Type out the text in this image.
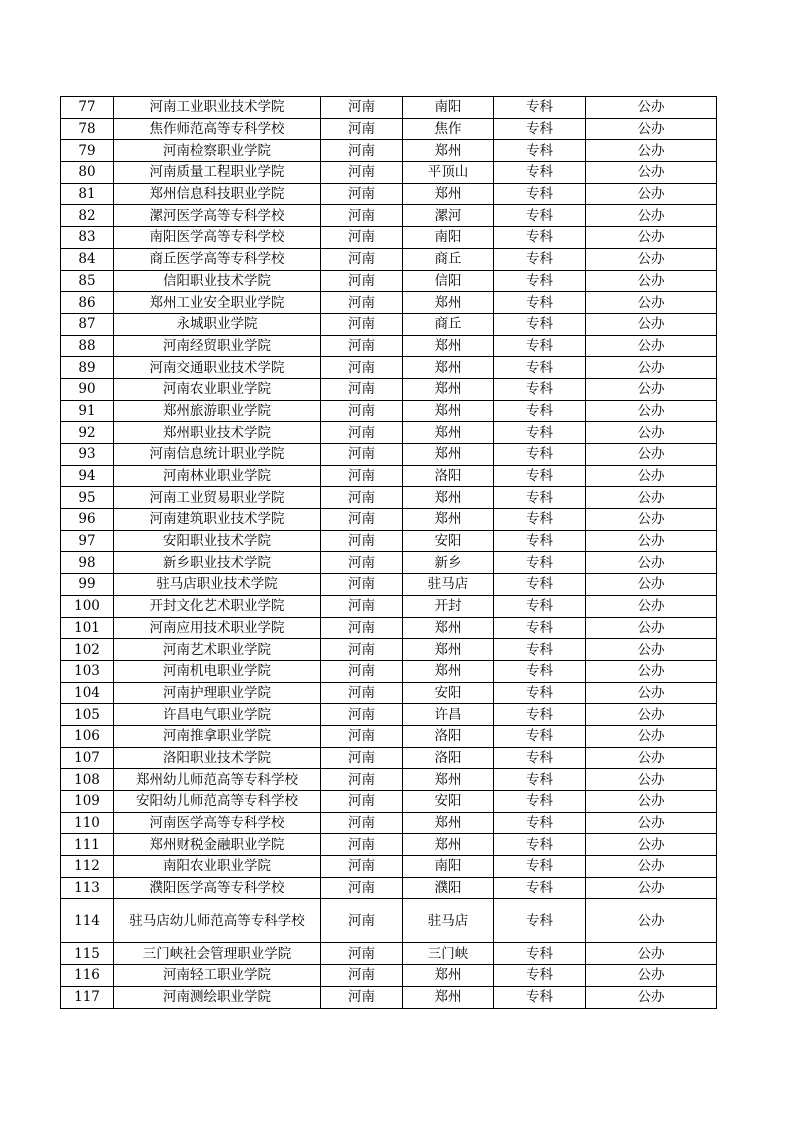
77	河南工业职业技术学院	河南	南阳	专科	公办
78	焦作师范高等专科学校	河南	焦作	专科	公办
79	河南检察职业学院	河南	郑州	专科	公办
80	河南质量工程职业学院	河南	平顶山	专科	公办
81	郑州信息科技职业学院	河南	郑州	专科	公办
82	漯河医学高等专科学校	河南	漯河	专科	公办
83	南阳医学高等专科学校	河南	南阳	专科	公办
84	商丘医学高等专科学校	河南	商丘	专科	公办
85	信阳职业技术学院	河南	信阳	专科	公办
86	郑州工业安全职业学院	河南	郑州	专科	公办
87	永城职业学院	河南	商丘	专科	公办
88	河南经贸职业学院	河南	郑州	专科	公办
89	河南交通职业技术学院	河南	郑州	专科	公办
90	河南农业职业学院	河南	郑州	专科	公办
91	郑州旅游职业学院	河南	郑州	专科	公办
92	郑州职业技术学院	河南	郑州	专科	公办
93	河南信息统计职业学院	河南	郑州	专科	公办
94	河南林业职业学院	河南	洛阳	专科	公办
95	河南工业贸易职业学院	河南	郑州	专科	公办
96	河南建筑职业技术学院	河南	郑州	专科	公办
97	安阳职业技术学院	河南	安阳	专科	公办
98	新乡职业技术学院	河南	新乡	专科	公办
99	驻马店职业技术学院	河南	驻马店	专科	公办
100	开封文化艺术职业学院	河南	开封	专科	公办
101	河南应用技术职业学院	河南	郑州	专科	公办
102	河南艺术职业学院	河南	郑州	专科	公办
103	河南机电职业学院	河南	郑州	专科	公办
104	河南护理职业学院	河南	安阳	专科	公办
105	许昌电气职业学院	河南	许昌	专科	公办
106	河南推拿职业学院	河南	洛阳	专科	公办
107	洛阳职业技术学院	河南	洛阳	专科	公办
108	郑州幼儿师范高等专科学校	河南	郑州	专科	公办
109	安阳幼儿师范高等专科学校	河南	安阳	专科	公办
110	河南医学高等专科学校	河南	郑州	专科	公办
111	郑州财税金融职业学院	河南	郑州	专科	公办
112	南阳农业职业学院	河南	南阳	专科	公办
113	濮阳医学高等专科学校	河南	濮阳	专科	公办
114	驻马店幼儿师范高等专科学校	河南	驻马店	专科	公办
115	三门峡社会管理职业学院	河南	三门峡	专科	公办
116	河南轻工职业学院	河南	郑州	专科	公办
117	河南测绘职业学院	河南	郑州	专科	公办
